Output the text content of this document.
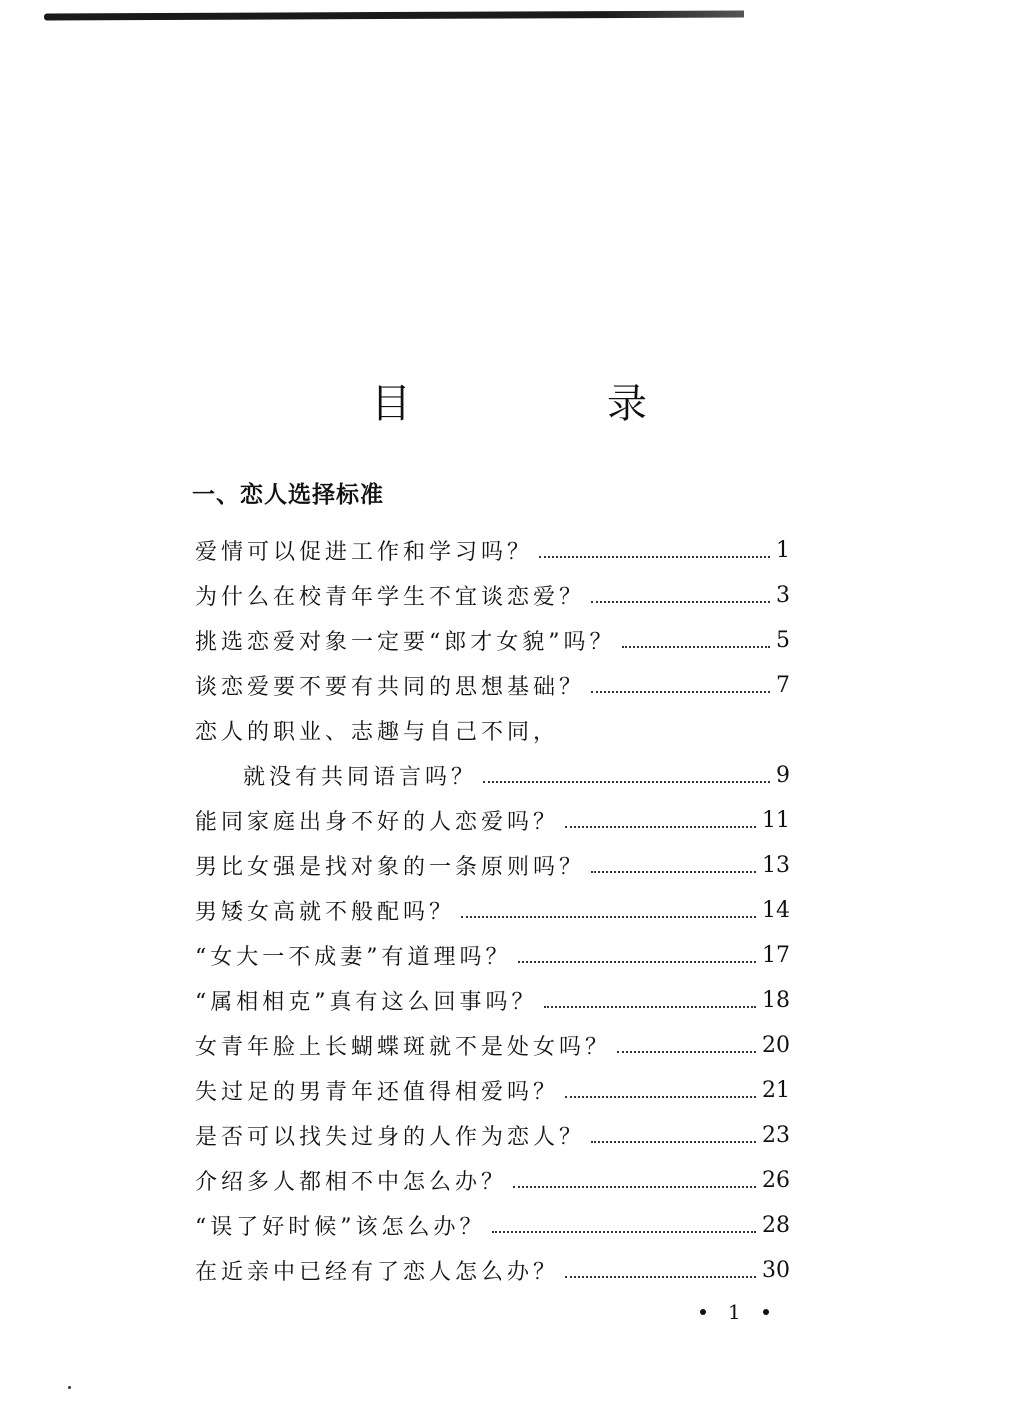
目　录
一、恋人选择标准
爱情可以促进工作和学习吗？	1
为什么在校青年学生不宜谈恋爱？	3
挑选恋爱对象一定要“郎才女貌”吗？	5
谈恋爱要不要有共同的思想基础？	7
恋人的职业、志趣与自己不同，
就没有共同语言吗？	9
能同家庭出身不好的人恋爱吗？	11
男比女强是找对象的一条原则吗？	13
男矮女高就不般配吗？	14
“女大一不成妻”有道理吗？	17
“属相相克”真有这么回事吗？	18
女青年脸上长蝴蝶斑就不是处女吗？	20
失过足的男青年还值得相爱吗？	21
是否可以找失过身的人作为恋人？	23
介绍多人都相不中怎么办？	26
“误了好时候”该怎么办？	28
在近亲中已经有了恋人怎么办？	30
1
